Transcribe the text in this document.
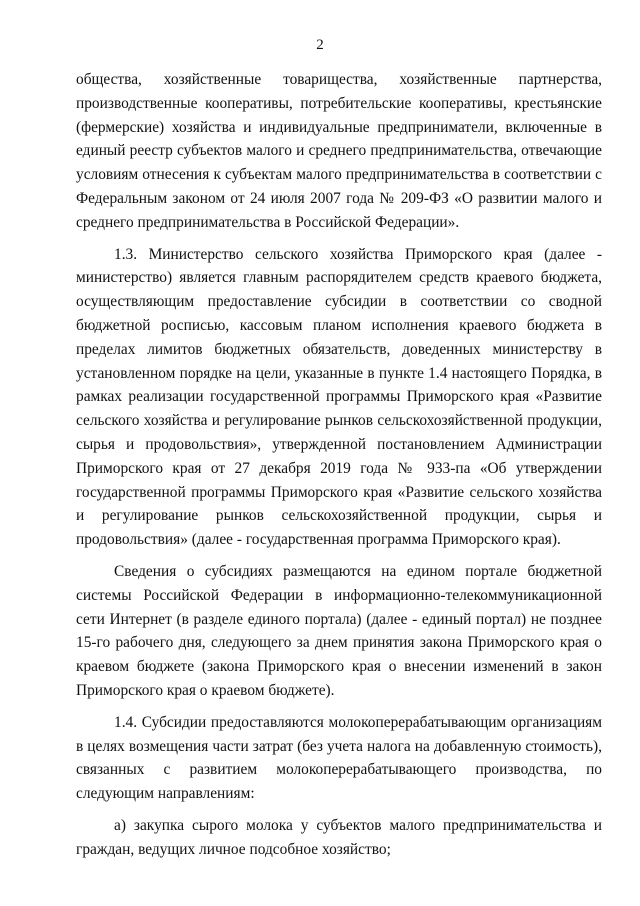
2

общества, хозяйственные товарищества, хозяйственные партнерства, производственные кооперативы, потребительские кооперативы, крестьянские (фермерские) хозяйства и индивидуальные предприниматели, включенные в единый реестр субъектов малого и среднего предпринимательства, отвечающие условиям отнесения к субъектам малого предпринимательства в соответствии с Федеральным законом от 24 июля 2007 года № 209-ФЗ «О развитии малого и среднего предпринимательства в Российской Федерации».

1.3. Министерство сельского хозяйства Приморского края (далее - министерство) является главным распорядителем средств краевого бюджета, осуществляющим предоставление субсидии в соответствии со сводной бюджетной росписью, кассовым планом исполнения краевого бюджета в пределах лимитов бюджетных обязательств, доведенных министерству в установленном порядке на цели, указанные в пункте 1.4 настоящего Порядка, в рамках реализации государственной программы Приморского края «Развитие сельского хозяйства и регулирование рынков сельскохозяйственной продукции, сырья и продовольствия», утвержденной постановлением Администрации Приморского края от 27 декабря 2019 года № 933-па «Об утверждении государственной программы Приморского края «Развитие сельского хозяйства и регулирование рынков сельскохозяйственной продукции, сырья и продовольствия» (далее - государственная программа Приморского края).

Сведения о субсидиях размещаются на едином портале бюджетной системы Российской Федерации в информационно-телекоммуникационной сети Интернет (в разделе единого портала) (далее - единый портал) не позднее 15-го рабочего дня, следующего за днем принятия закона Приморского края о краевом бюджете (закона Приморского края о внесении изменений в закон Приморского края о краевом бюджете).

1.4. Субсидии предоставляются молокоперерабатывающим организациям в целях возмещения части затрат (без учета налога на добавленную стоимость), связанных с развитием молокоперерабатывающего производства, по следующим направлениям:

а) закупка сырого молока у субъектов малого предпринимательства и граждан, ведущих личное подсобное хозяйство;
